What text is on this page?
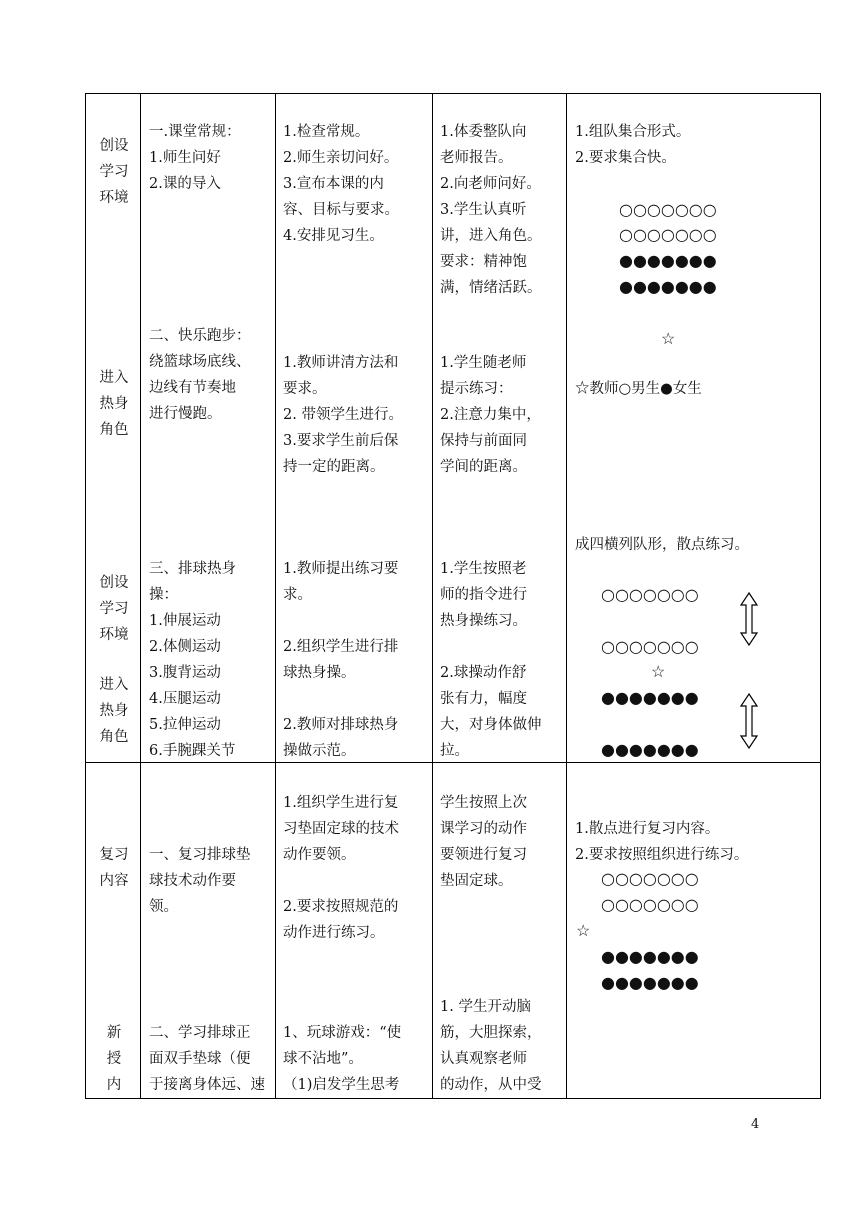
创设
学习
环境
进入
热身
角色
一.课堂常规：
1.师生问好
2.课的导入
二、快乐跑步：
绕篮球场底线、
边线有节奏地
进行慢跑。
1.检查常规。
2.师生亲切问好。
3.宣布本课的内
容、目标与要求。
4.安排见习生。
1.教师讲清方法和
要求。
2. 带领学生进行。
3.要求学生前后保
持一定的距离。
1.体委整队向
老师报告。
2.向老师问好。
3.学生认真听
讲，进入角色。
要求：精神饱
满，情绪活跃。
1.学生随老师
提示练习：
2.注意力集中，
保持与前面同
学间的距离。
1.组队集合形式。
2.要求集合快。
○○○○○○○
○○○○○○○
●●●●●●●
●●●●●●●
☆
☆教师○男生●女生
创设
学习
环境
进入
热身
角色
三、排球热身
操：
1.伸展运动
2.体侧运动
3.腹背运动
4.压腿运动
5.拉伸运动
6.手腕踝关节
1.教师提出练习要
求。

2.组织学生进行排
球热身操。

2.教师对排球热身
操做示范。
1.学生按照老
师的指令进行
热身操练习。

2.球操动作舒
张有力，幅度
大，对身体做伸
拉。
成四横列队形，散点练习。
○○○○○○○
○○○○○○○
☆
●●●●●●●
●●●●●●●
复习
内容
新
授
内
一、复习排球垫
球技术动作要
领。
二、学习排球正
面双手垫球（便
于接离身体远、速
1.组织学生进行复
习垫固定球的技术
动作要领。

2.要求按照规范的
动作进行练习。
1、玩球游戏：“使
球不沾地”。
（1)启发学生思考
学生按照上次
课学习的动作
要领进行复习
垫固定球。
1. 学生开动脑
筋，大胆探索，
认真观察老师
的动作，从中受
1.散点进行复习内容。
2.要求按照组织进行练习。
○○○○○○○
○○○○○○○
☆
●●●●●●●
●●●●●●●
4
